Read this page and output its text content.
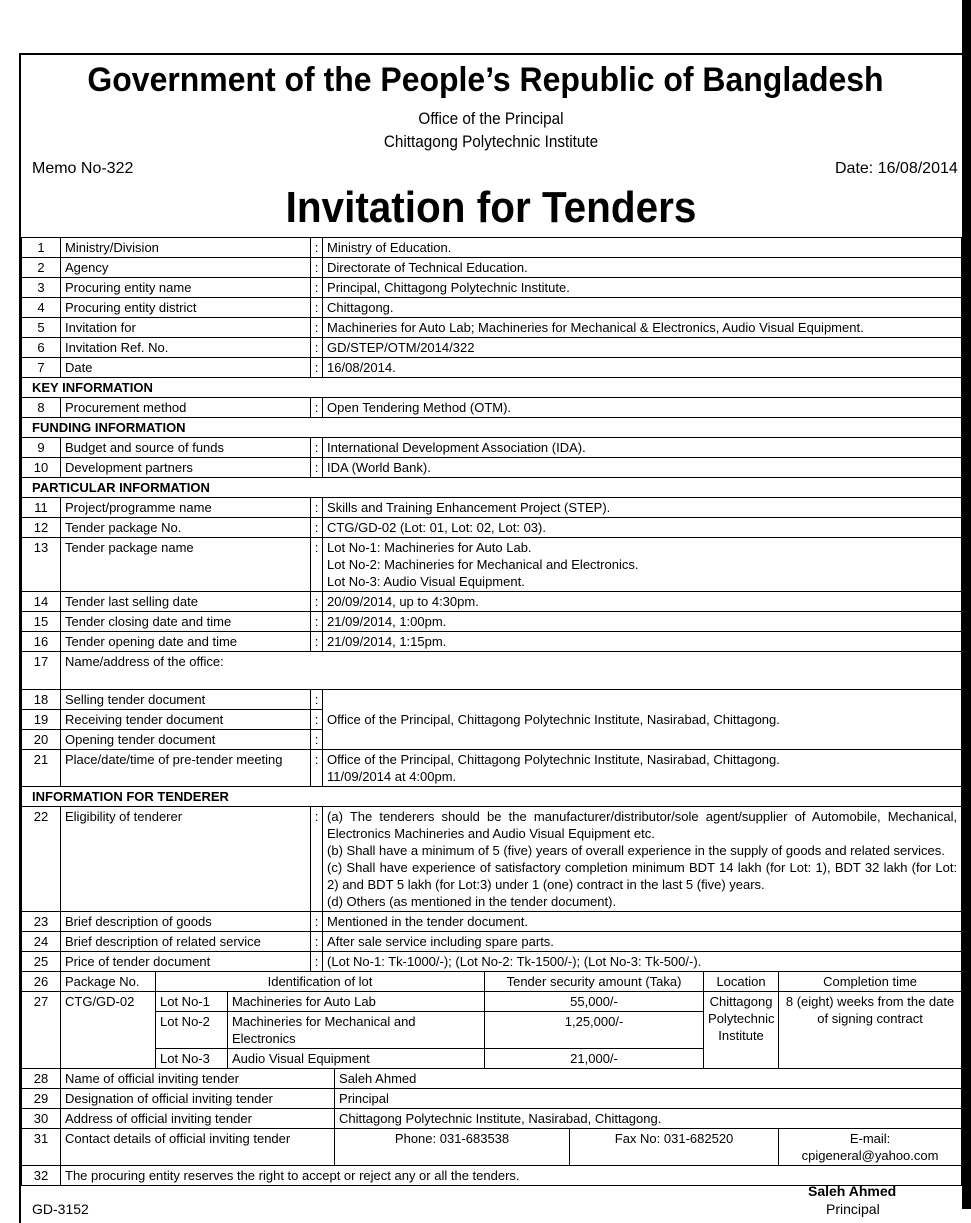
Government of the People’s Republic of Bangladesh
Office of the Principal
Chittagong Polytechnic Institute
Memo No-322	Date: 16/08/2014
Invitation for Tenders
1	Ministry/Division			:	Ministry of Education.					
2	Agency			:	Directorate of Technical Education.					
3	Procuring entity name			:	Principal, Chittagong Polytechnic Institute.					
4	Procuring entity district			:	Chittagong.					
5	Invitation for			:	Machineries for Auto Lab; Machineries for Mechanical & Electronics, Audio Visual Equipment.					
6	Invitation Ref. No.			:	GD/STEP/OTM/2014/322					
7	Date			:	16/08/2014.					
KEY INFORMATION										
8	Procurement method			:	Open Tendering Method (OTM).					
FUNDING INFORMATION										
9	Budget and source of funds			:	International Development Association (IDA).					
10	Development partners			:	IDA (World Bank).					
PARTICULAR INFORMATION										
11	Project/programme name			:	Skills and Training Enhancement Project (STEP).					
12	Tender package No.			:	CTG/GD-02 (Lot: 01, Lot: 02, Lot: 03).					
13	Tender package name			:	Lot No-1: Machineries for Auto Lab.
Lot No-2: Machineries for Mechanical and Electronics.
Lot No-3: Audio Visual Equipment.					

14	Tender last selling date			:	20/09/2014, up to 4:30pm.					
15	Tender closing date and time			:	21/09/2014, 1:00pm.					
16	Tender opening date and time			:	21/09/2014, 1:15pm.					
17	Name/address of the office:									
18	Selling tender document			:	Office of the Principal, Chittagong Polytechnic Institute, Nasirabad, Chittagong.					
19	Receiving tender document			:						
20	Opening tender document			:						
21	Place/date/time of pre-tender meeting			:	Office of the Principal, Chittagong Polytechnic Institute, Nasirabad, Chittagong.
11/09/2014 at 4:00pm.					

INFORMATION FOR TENDERER										
22	Eligibility of tenderer			:	(a) The tenderers should be the manufacturer/distributor/sole agent/supplier of Automobile, Mechanical, Electronics Machineries and Audio Visual Equipment etc.
(b) Shall have a minimum of 5 (five) years of overall experience in the supply of goods and related services.
(c) Shall have experience of satisfactory completion minimum BDT 14 lakh (for Lot: 1), BDT 32 lakh (for Lot: 2) and BDT 5 lakh (for Lot:3) under 1 (one) contract in the last 5 (five) years.
(d) Others (as mentioned in the tender document).					

23	Brief description of goods			:	Mentioned in the tender document.					
24	Brief description of related service			:	After sale service including spare parts.					
25	Price of tender document			:	(Lot No-1: Tk-1000/-); (Lot No-2: Tk-1500/-); (Lot No-3: Tk-500/-).					
26	Package No.	Identification of lot					Tender security amount (Taka)		Location	Completion time
27	CTG/GD-02	Lot No-1	Machineries for Auto Lab				55,000/-		Chittagong Polytechnic Institute	8 (eight) weeks from the date of signing contract
		Lot No-2	Machineries for Mechanical and Electronics				1,25,000/-			
		Lot No-3	Audio Visual Equipment				21,000/-			
28	Name of official inviting tender					Saleh Ahmed				
29	Designation of official inviting tender					Principal				
30	Address of official inviting tender					Chittagong Polytechnic Institute, Nasirabad, Chittagong.				
31	Contact details of official inviting tender					Phone: 031-683538		Fax No: 031-682520		E-mail: cpigeneral@yahoo.com
32	The procuring entity reserves the right to accept or reject any or all the tenders.									
Saleh Ahmed
Principal
GD-3152
